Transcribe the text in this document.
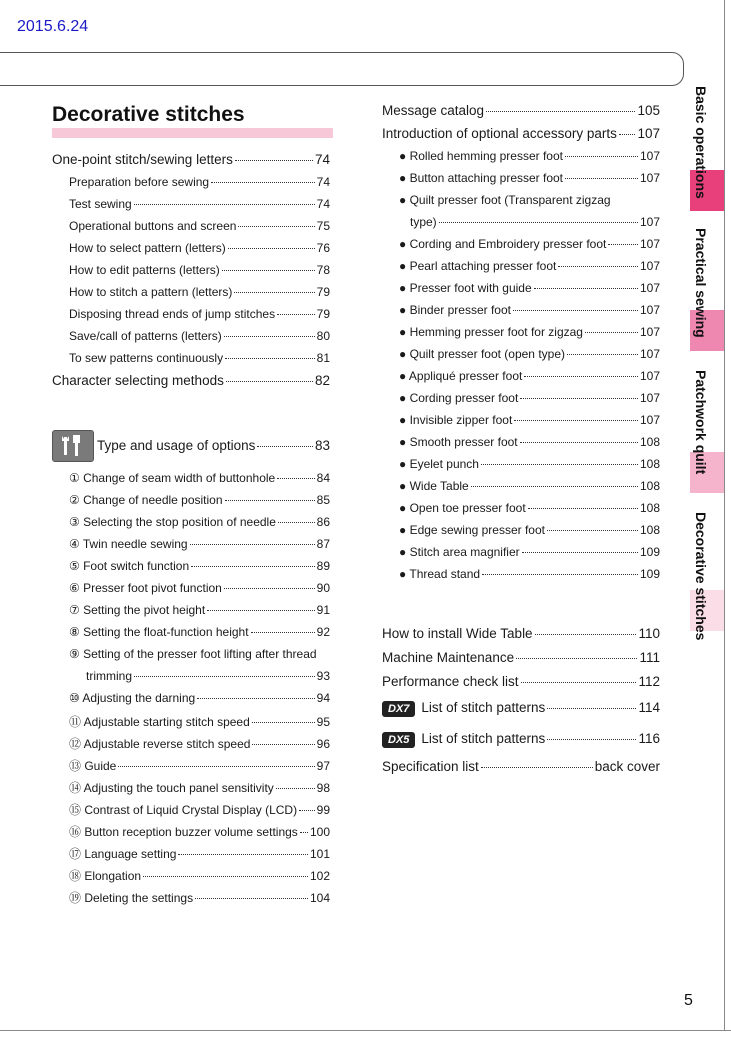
2015.6.24
Decorative stitches
One-point stitch/sewing letters	74
Preparation before sewing	74
Test sewing	74
Operational buttons and screen	75
How to select pattern (letters)	76
How to edit patterns (letters)	78
How to stitch a pattern (letters)	79
Disposing thread ends of jump stitches	79
Save/call of patterns (letters)	80
To sew patterns continuously	81
Character selecting methods	82
Type and usage of options	83
① Change of seam width of buttonhole	84
② Change of needle position	85
③ Selecting the stop position of needle	86
④ Twin needle sewing	87
⑤ Foot switch function	89
⑥ Presser foot pivot function	90
⑦ Setting the pivot height	91
⑧ Setting the float-function height	92
⑨ Setting of the presser foot lifting after thread
trimming	93
⑩ Adjusting the darning	94
⑪ Adjustable starting stitch speed	95
⑫ Adjustable reverse stitch speed	96
⑬ Guide	97
⑭ Adjusting the touch panel sensitivity	98
⑮ Contrast of Liquid Crystal Display (LCD) 99
⑯ Button reception buzzer volume settings 100
⑰ Language setting	101
⑱ Elongation	102
⑲ Deleting the settings	104
Message catalog	105
Introduction of optional accessory parts 107
● Rolled hemming presser foot	107
● Button attaching presser foot	107
● Quilt presser foot (Transparent zigzag
type)	107
● Cording and Embroidery presser foot	107
● Pearl attaching presser foot	107
● Presser foot with guide	107
● Binder presser foot	107
● Hemming presser foot for zigzag	107
● Quilt presser foot (open type)	107
● Appliqué presser foot	107
● Cording presser foot	107
● Invisible zipper foot	107
● Smooth presser foot	108
● Eyelet punch	108
● Wide Table	108
● Open toe presser foot	108
● Edge sewing presser foot	108
● Stitch area magnifier	109
● Thread stand	109
How to install Wide Table	110
Machine Maintenance	111
Performance check list	112
DX7 List of stitch patterns	114
DX5 List of stitch patterns	116
Specification list	back cover
Basic operations
Practical sewing
Patchwork quilt
Decorative stitches
5
